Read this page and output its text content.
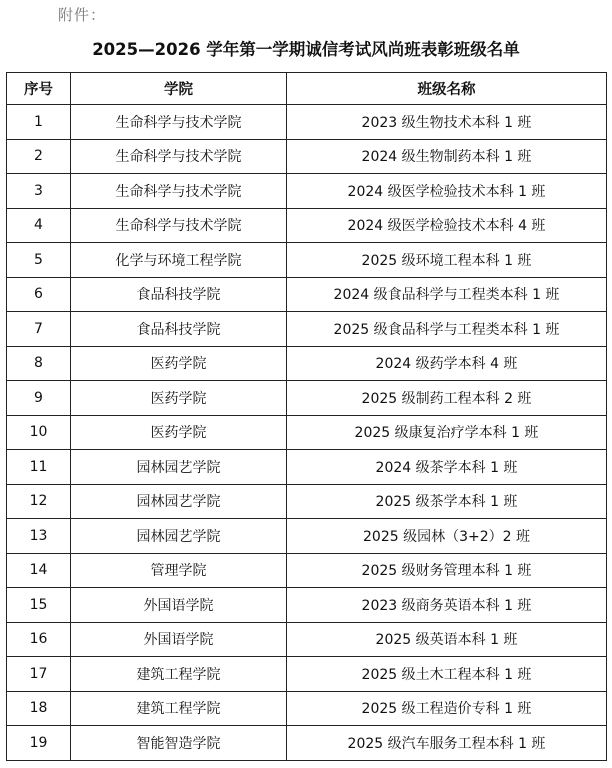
附件：
2025—2026 学年第一学期诚信考试风尚班表彰班级名单
序号	学院	班级名称
1	生命科学与技术学院	2023 级生物技术本科 1 班
2	生命科学与技术学院	2024 级生物制药本科 1 班
3	生命科学与技术学院	2024 级医学检验技术本科 1 班
4	生命科学与技术学院	2024 级医学检验技术本科 4 班
5	化学与环境工程学院	2025 级环境工程本科 1 班
6	食品科技学院	2024 级食品科学与工程类本科 1 班
7	食品科技学院	2025 级食品科学与工程类本科 1 班
8	医药学院	2024 级药学本科 4 班
9	医药学院	2025 级制药工程本科 2 班
10	医药学院	2025 级康复治疗学本科 1 班
11	园林园艺学院	2024 级茶学本科 1 班
12	园林园艺学院	2025 级茶学本科 1 班
13	园林园艺学院	2025 级园林（3+2）2 班
14	管理学院	2025 级财务管理本科 1 班
15	外国语学院	2023 级商务英语本科 1 班
16	外国语学院	2025 级英语本科 1 班
17	建筑工程学院	2025 级土木工程本科 1 班
18	建筑工程学院	2025 级工程造价专科 1 班
19	智能智造学院	2025 级汽车服务工程本科 1 班
